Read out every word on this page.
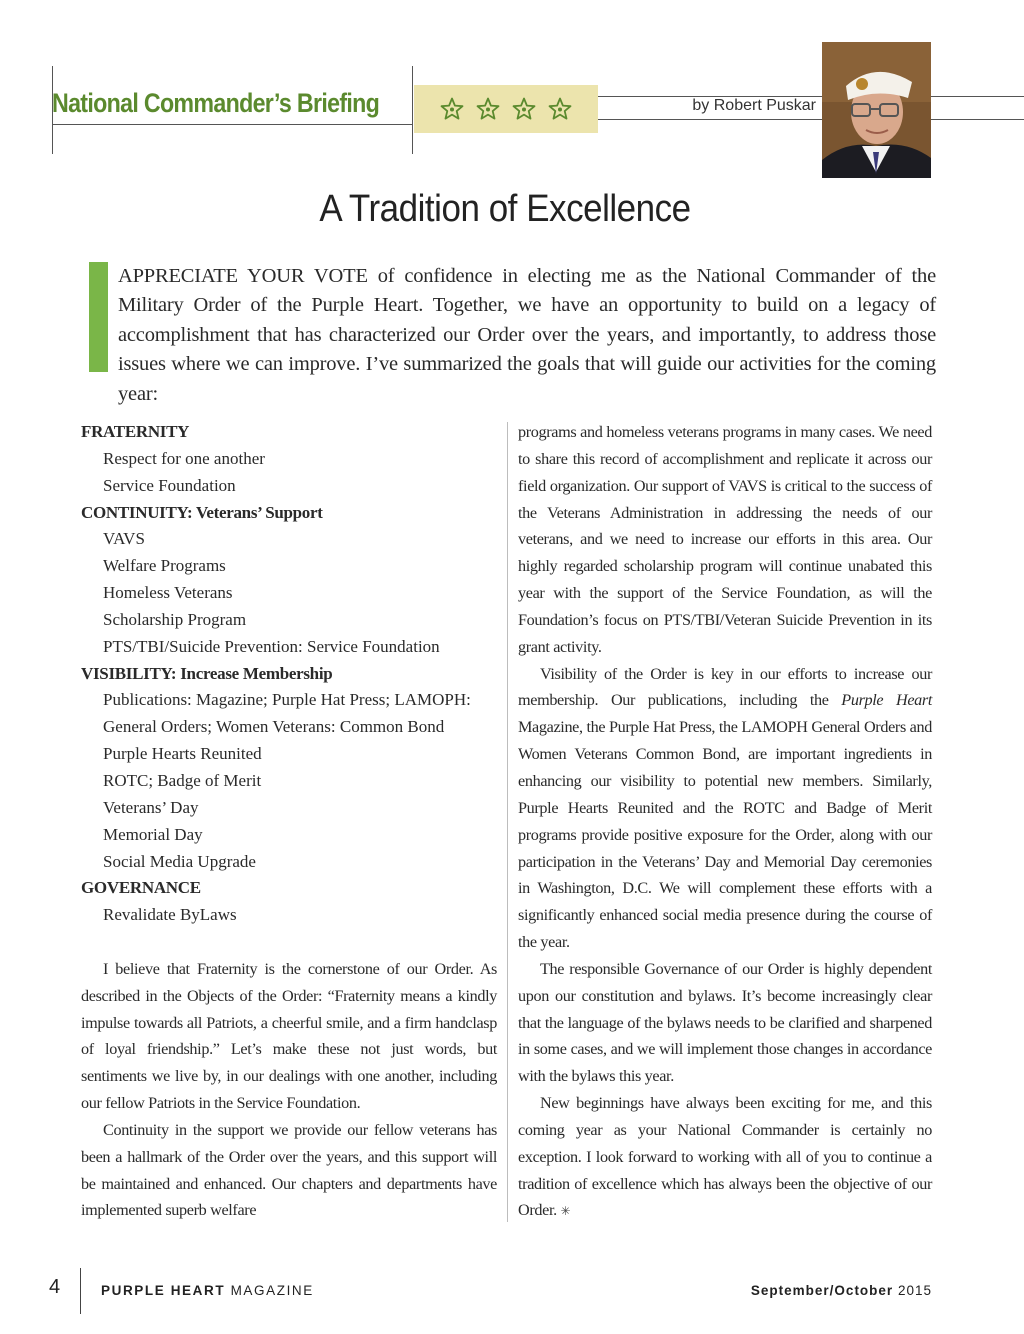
National Commander’s Briefing	by Robert Puskar
A Tradition of Excellence
APPRECIATE YOUR VOTE of confidence in electing me as the National Commander of the Military Order of the Purple Heart. Together, we have an opportunity to build on a legacy of accomplishment that has characterized our Order over the years, and importantly, to address those issues where we can improve. I’ve summarized the goals that will guide our activities for the coming year:
FRATERNITY
Respect for one another
Service Foundation
CONTINUITY: Veterans’ Support
VAVS
Welfare Programs
Homeless Veterans
Scholarship Program
PTS/TBI/Suicide Prevention: Service Foundation
VISIBILITY: Increase Membership
Publications: Magazine; Purple Hat Press; LAMOPH:
General Orders; Women Veterans: Common Bond
Purple Hearts Reunited
ROTC; Badge of Merit
Veterans’ Day
Memorial Day
Social Media Upgrade
GOVERNANCE
Revalidate ByLaws

I believe that Fraternity is the cornerstone of our Order. As described in the Objects of the Order: “Fraternity means a kindly impulse towards all Patriots, a cheerful smile, and a firm handclasp of loyal friendship.” Let’s make these not just words, but sentiments we live by, in our dealings with one another, including our fellow Patriots in the Service Foundation.

Continuity in the support we provide our fellow veterans has been a hallmark of the Order over the years, and this support will be maintained and enhanced. Our chapters and departments have implemented superb welfare

programs and homeless veterans programs in many cases. We need to share this record of accomplishment and replicate it across our field organization. Our support of VAVS is critical to the success of the Veterans Administration in addressing the needs of our veterans, and we need to increase our efforts in this area. Our highly regarded scholarship program will continue unabated this year with the support of the Service Foundation, as will the Foundation’s focus on PTS/TBI/Veteran Suicide Prevention in its grant activity.

Visibility of the Order is key in our efforts to increase our membership. Our publications, including the Purple Heart Magazine, the Purple Hat Press, the LAMOPH General Orders and Women Veterans Common Bond, are important ingredients in enhancing our visibility to potential new members. Similarly, Purple Hearts Reunited and the ROTC and Badge of Merit programs provide positive exposure for the Order, along with our participation in the Veterans’ Day and Memorial Day ceremonies in Washington, D.C. We will complement these efforts with a significantly enhanced social media presence during the course of the year.

The responsible Governance of our Order is highly dependent upon our constitution and bylaws. It’s become increasingly clear that the language of the bylaws needs to be clarified and sharpened in some cases, and we will implement those changes in accordance with the bylaws this year.

New beginnings have always been exciting for me, and this coming year as your National Commander is certainly no exception. I look forward to working with all of you to continue a tradition of excellence which has always been the objective of our Order. ✳

4	PURPLE HEART MAGAZINE	September/October 2015
